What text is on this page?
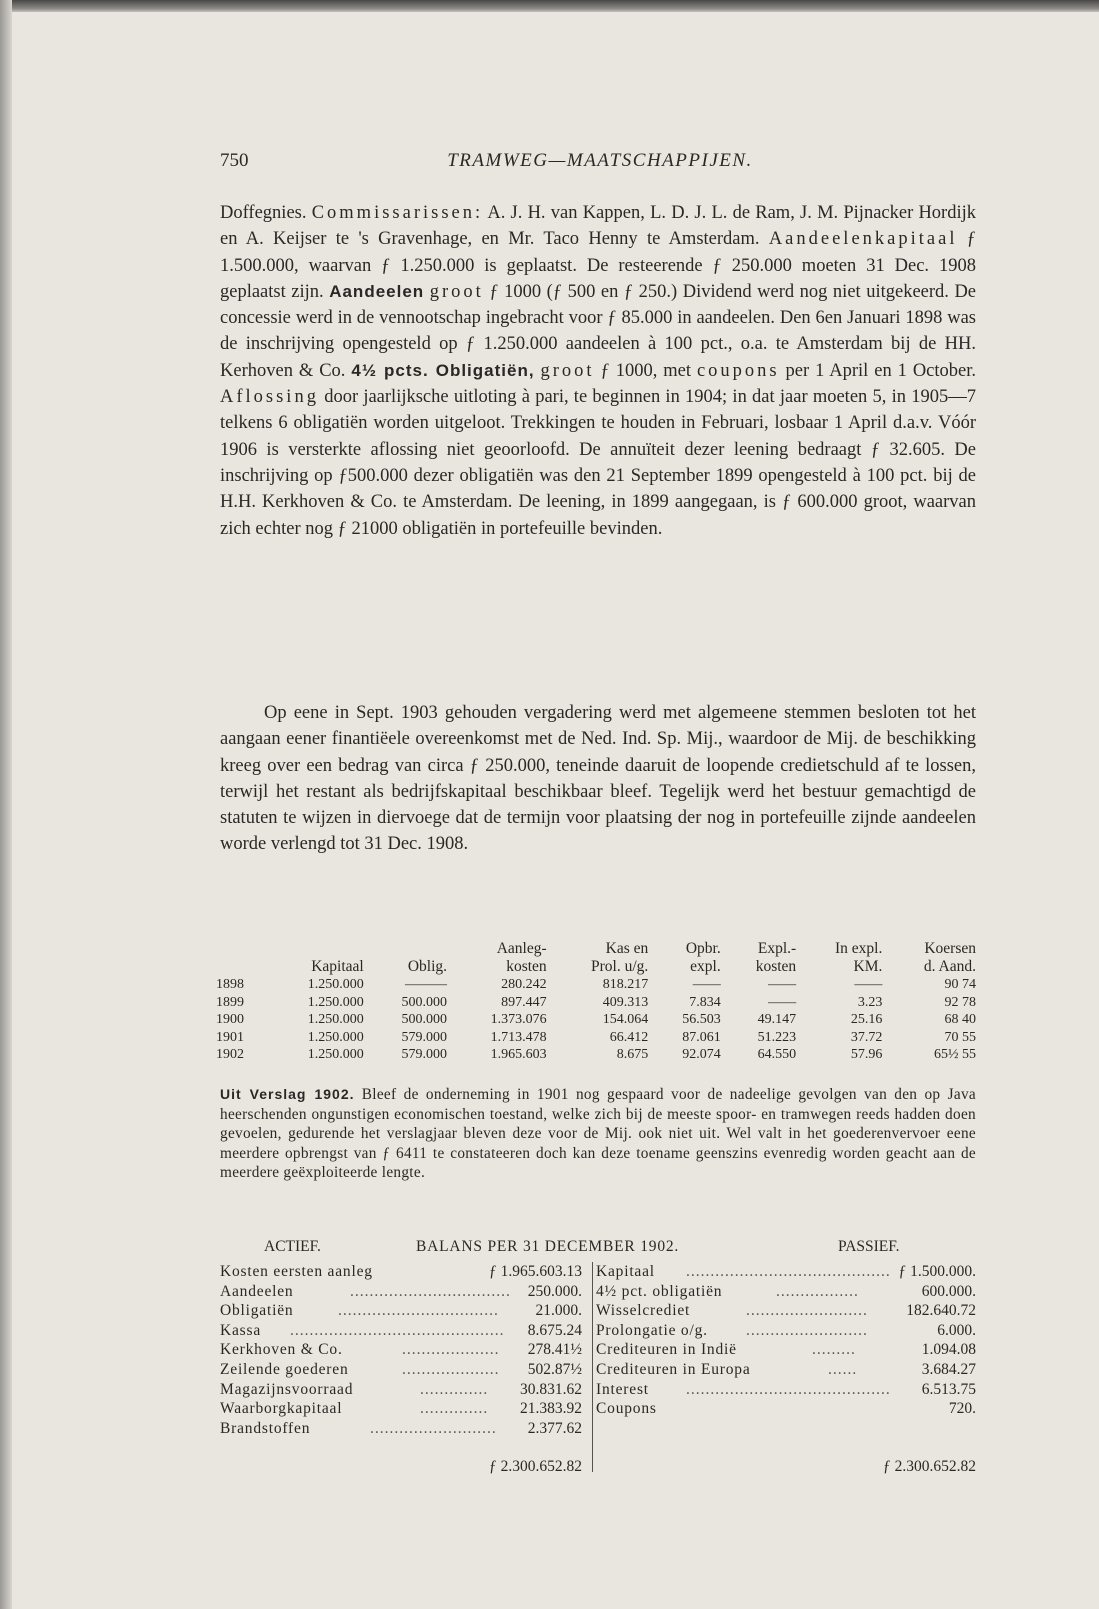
750	TRAMWEG—MAATSCHAPPIJEN.

Doffegnies. Commissarissen: A. J. H. van Kappen, L. D. J. L. de Ram, J. M. Pijnacker Hordijk en A. Keijser te 's Gravenhage, en Mr. Taco Henny te Amsterdam. Aandeelenkapitaal ƒ 1.500.000, waarvan ƒ 1.250.000 is geplaatst. De resteerende ƒ 250.000 moeten 31 Dec. 1908 geplaatst zijn. Aandeelen groot ƒ 1000 (ƒ 500 en ƒ 250.) Dividend werd nog niet uitgekeerd. De concessie werd in de vennootschap ingebracht voor ƒ 85.000 in aandeelen. Den 6en Januari 1898 was de inschrijving opengesteld op ƒ 1.250.000 aandeelen à 100 pct., o.a. te Amsterdam bij de HH. Kerhoven & Co. 4½ pcts. Obligatiën, groot ƒ 1000, met coupons per 1 April en 1 October. Aflossing door jaarlijksche uitloting à pari, te beginnen in 1904; in dat jaar moeten 5, in 1905—7 telkens 6 obligatiën worden uitgeloot. Trekkingen te houden in Februari, losbaar 1 April d.a.v. Vóór 1906 is versterkte aflossing niet geoorloofd. De annuïteit dezer leening bedraagt ƒ 32.605. De inschrijving op ƒ500.000 dezer obligatiën was den 21 September 1899 opengesteld à 100 pct. bij de H.H. Kerkhoven & Co. te Amsterdam. De leening, in 1899 aangegaan, is ƒ 600.000 groot, waarvan zich echter nog ƒ 21000 obligatiën in portefeuille bevinden.

Op eene in Sept. 1903 gehouden vergadering werd met algemeene stemmen besloten tot het aangaan eener finantiëele overeenkomst met de Ned. Ind. Sp. Mij., waardoor de Mij. de beschikking kreeg over een bedrag van circa ƒ 250.000, teneinde daaruit de loopende credietschuld af te lossen, terwijl het restant als bedrijfskapitaal beschikbaar bleef. Tegelijk werd het bestuur gemachtigd de statuten te wijzen in diervoege dat de termijn voor plaatsing der nog in portefeuille zijnde aandeelen worde verlengd tot 31 Dec. 1908.

			Aanleg-	Kas en	Opbr.	Expl.-	In expl.	Koersen
	Kapitaal	Oblig.	kosten	Prol. u/g.	expl.	kosten	KM.	d. Aand.
1898	1.250.000	———	280.242	818.217	——	——	——	90 74
1899	1.250.000	500.000	897.447	409.313	7.834	——	3.23	92 78
1900	1.250.000	500.000	1.373.076	154.064	56.503	49.147	25.16	68 40
1901	1.250.000	579.000	1.713.478	66.412	87.061	51.223	37.72	70 55
1902	1.250.000	579.000	1.965.603	8.675	92.074	64.550	57.96	65½ 55

Uit Verslag 1902. Bleef de onderneming in 1901 nog gespaard voor de nadeelige gevolgen van den op Java heerschenden ongunstigen economischen toestand, welke zich bij de meeste spoor- en tramwegen reeds hadden doen gevoelen, gedurende het verslagjaar bleven deze voor de Mij. ook niet uit. Wel valt in het goederenvervoer eene meerdere opbrengst van ƒ 6411 te constateeren doch kan deze toename geenszins evenredig worden geacht aan de meerdere geëxploiteerde lengte.

ACTIEF.	BALANS PER 31 DECEMBER 1902.	PASSIEF.
Kosten eersten aanleg	ƒ 1.965.603.13
Aandeelen	................................. 250.000.
Obligatiën	................................. 21.000.
Kassa ............................................ 8.675.24
Kerkhoven & Co.	.................... 278.41½
Zeilende goederen	.................... 502.87½
Magazijnsvoorraad	.............. 30.831.62
Waarborgkapitaal	.............. 21.383.92
Brandstoffen	.......................... 2.377.62
Kapitaal .......................................... ƒ 1.500.000.
4½ pct. obligatiën	.................	600.000.
Wisselcrediet	......................... 182.640.72
Prolongatie o/g. .........................	6.000.
Crediteuren in Indië	.........	1.094.08
Crediteuren in Europa	......	3.684.27
Interest .......................................... 6.513.75
Coupons	720.
ƒ 2.300.652.82	ƒ 2.300.652.82
